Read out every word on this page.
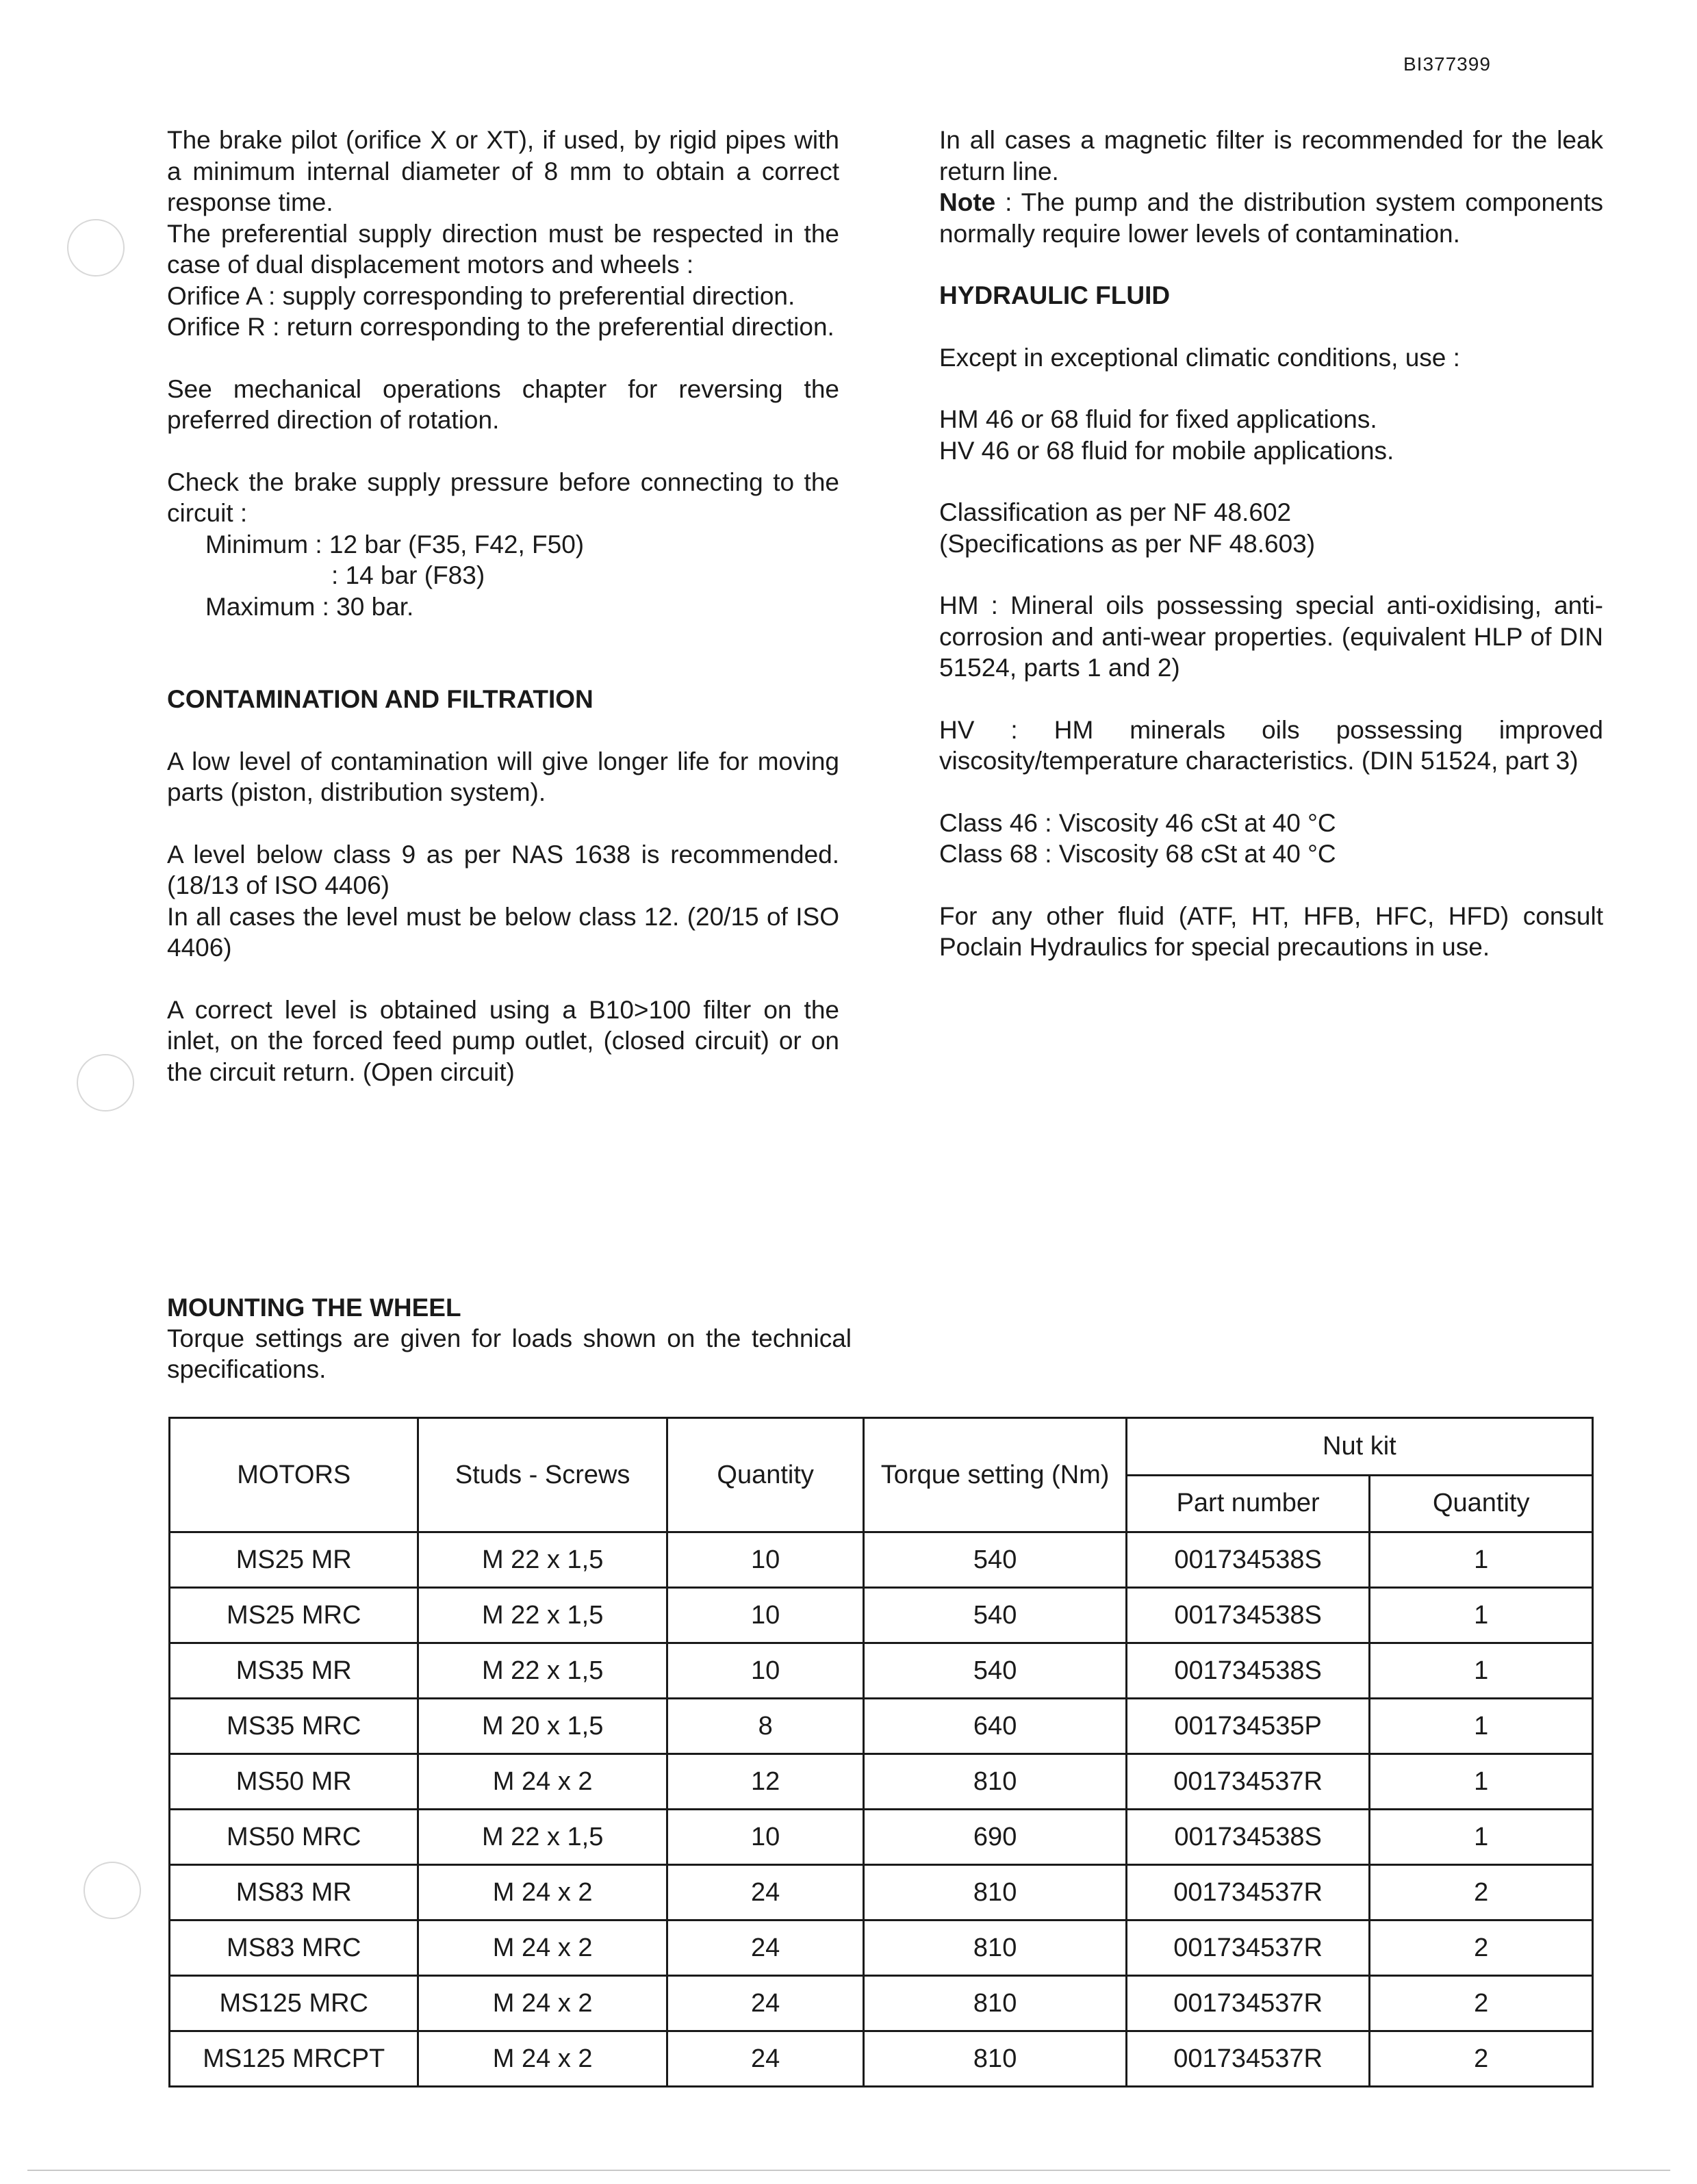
BI377399

The brake pilot (orifice X or XT), if used, by rigid pipes with a minimum internal diameter of 8 mm to obtain a correct response time.

The preferential supply direction must be respected in the case of dual displacement motors and wheels :

Orifice A : supply corresponding to preferential direction.

Orifice R : return corresponding to the preferential direction.

See mechanical operations chapter for reversing the preferred direction of rotation.

Check the brake supply pressure before connecting to the circuit :

Minimum : 12 bar (F35, F42, F50)

: 14 bar (F83)

Maximum : 30 bar.

CONTAMINATION AND FILTRATION

A low level of contamination will give longer life for moving parts (piston, distribution system).

A level below class 9 as per NAS 1638 is recommended. (18/13 of ISO 4406)

In all cases the level must be below class 12. (20/15 of ISO 4406)

A correct level is obtained using a B10>100 filter on the inlet, on the forced feed pump outlet, (closed circuit) or on the circuit return. (Open circuit)

In all cases a magnetic filter is recommended for the leak return line.

Note : The pump and the distribution system components normally require lower levels of contamination.

HYDRAULIC FLUID

Except in exceptional climatic conditions, use :

HM 46 or 68 fluid for fixed applications.

HV 46 or 68 fluid for mobile applications.

Classification as per NF 48.602

(Specifications as per NF 48.603)

HM : Mineral oils possessing special anti-oxidising, anti-corrosion and anti-wear properties. (equivalent HLP of DIN 51524, parts 1 and 2)

HV : HM minerals oils possessing improved viscosity/temperature characteristics. (DIN 51524, part 3)

Class 46 : Viscosity 46 cSt at 40 °C

Class 68 : Viscosity 68 cSt at 40 °C

For any other fluid (ATF, HT, HFB, HFC, HFD) consult Poclain Hydraulics for special precautions in use.

MOUNTING THE WHEEL
Torque settings are given for loads shown on the technical specifications.
MOTORS	Studs - Screws	Quantity	Torque setting (Nm)	Nut kit	
				Part number	Quantity
MS25 MR	M 22 x 1,5	10	540	001734538S	1
MS25 MRC	M 22 x 1,5	10	540	001734538S	1
MS35 MR	M 22 x 1,5	10	540	001734538S	1
MS35 MRC	M 20 x 1,5	8	640	001734535P	1
MS50 MR	M 24 x 2	12	810	001734537R	1
MS50 MRC	M 22 x 1,5	10	690	001734538S	1
MS83 MR	M 24 x 2	24	810	001734537R	2
MS83 MRC	M 24 x 2	24	810	001734537R	2
MS125 MRC	M 24 x 2	24	810	001734537R	2
MS125 MRCPT	M 24 x 2	24	810	001734537R	2
